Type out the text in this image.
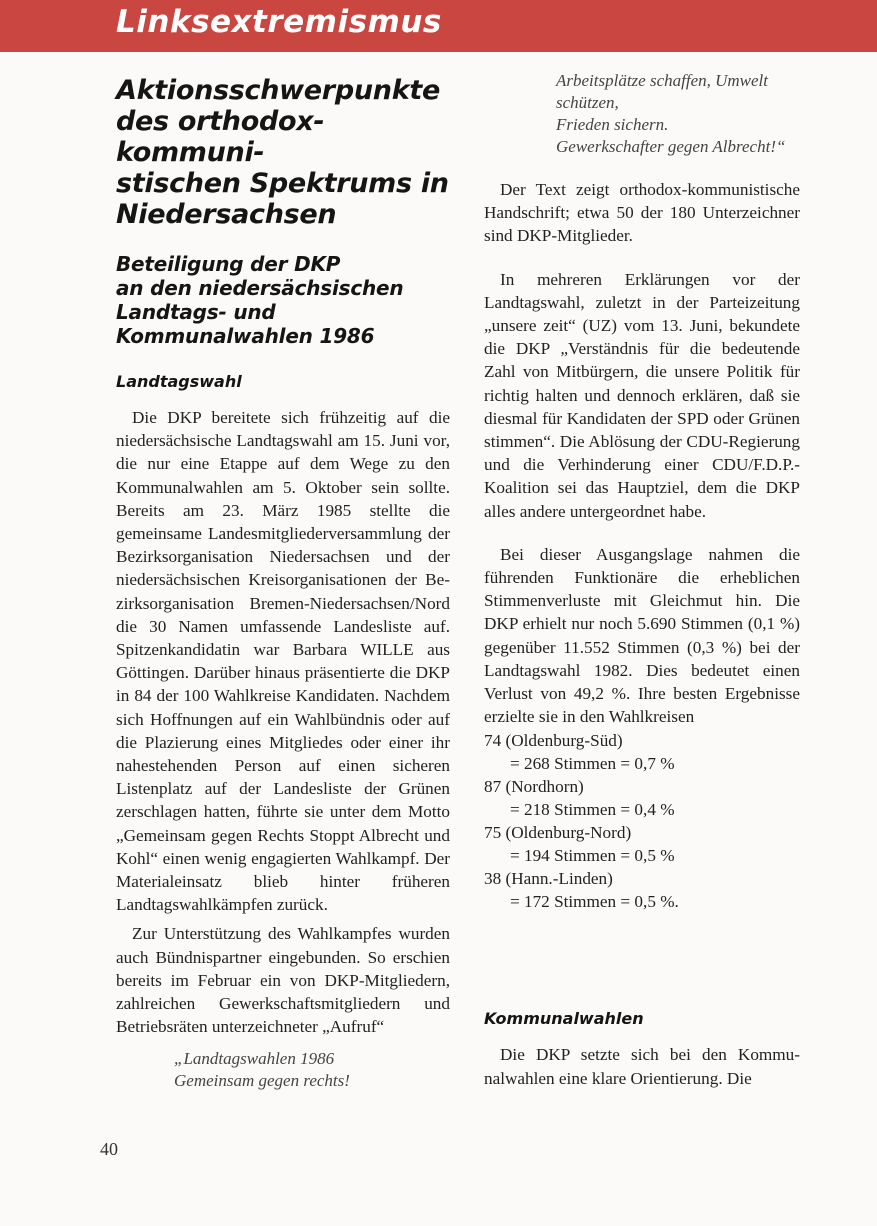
Linksextremismus
Aktionsschwerpunkte
des orthodox-kommuni-
stischen Spektrums in
Niedersachsen
Beteiligung der DKP
an den niedersächsischen
Landtags- und
Kommunalwahlen 1986
Landtagswahl

Die DKP bereitete sich frühzeitig auf die niedersächsische Landtagswahl am 15. Juni vor, die nur eine Etappe auf dem Wege zu den Kommunalwahlen am 5. Oktober sein sollte. Bereits am 23. März 1985 stellte die gemeinsame Landesmitgliederversammlung der Bezirksorganisation Niedersachsen und der niedersächsischen Kreisorganisationen der Bezirksorganisation Bremen-Niedersachsen/Nord die 30 Namen umfassende Landesliste auf. Spitzenkandidatin war Barbara WILLE aus Göttingen. Darüber hinaus präsentierte die DKP in 84 der 100 Wahlkreise Kandidaten. Nachdem sich Hoffnungen auf ein Wahlbündnis oder auf die Plazierung eines Mitgliedes oder einer ihr nahestehenden Person auf einen sicheren Listenplatz auf der Landesliste der Grünen zerschlagen hatten, führte sie unter dem Motto „Gemeinsam gegen Rechts Stoppt Albrecht und Kohl“ einen wenig engagierten Wahlkampf. Der Materialeinsatz blieb hinter früheren Landtagswahlkämpfen zurück.

Zur Unterstützung des Wahlkampfes wurden auch Bündnispartner eingebunden. So erschien bereits im Februar ein von DKP-Mitgliedern, zahlreichen Gewerkschaftsmitgliedern und Betriebsräten unterzeichneter „Aufruf“

„Landtagswahlen 1986
Gemeinsam gegen rechts!
Arbeitsplätze schaffen, Umwelt schützen,
Frieden sichern.
Gewerkschafter gegen Albrecht!“

Der Text zeigt orthodox-kommunistische Handschrift; etwa 50 der 180 Unterzeichner sind DKP-Mitglieder.

In mehreren Erklärungen vor der Landtagswahl, zuletzt in der Parteizeitung „unsere zeit“ (UZ) vom 13. Juni, bekundete die DKP „Verständnis für die bedeutende Zahl von Mitbürgern, die unsere Politik für richtig halten und dennoch erklären, daß sie diesmal für Kandidaten der SPD oder Grünen stimmen“. Die Ablösung der CDU-Regierung und die Verhinderung einer CDU/F.D.P.-Koalition sei das Hauptziel, dem die DKP alles andere untergeordnet habe.

Bei dieser Ausgangslage nahmen die führenden Funktionäre die erheblichen Stimmenverluste mit Gleichmut hin. Die DKP erhielt nur noch 5.690 Stimmen (0,1 %) gegenüber 11.552 Stimmen (0,3 %) bei der Landtagswahl 1982. Dies bedeutet einen Verlust von 49,2 %. Ihre besten Ergebnisse erzielte sie in den Wahlkreisen

74 (Oldenburg-Süd)
= 268 Stimmen = 0,7 %
87 (Nordhorn)
= 218 Stimmen = 0,4 %
75 (Oldenburg-Nord)
= 194 Stimmen = 0,5 %
38 (Hann.-Linden)
= 172 Stimmen = 0,5 %.
Kommunalwahlen

Die DKP setzte sich bei den Kommunalwahlen eine klare Orientierung. Die

40
